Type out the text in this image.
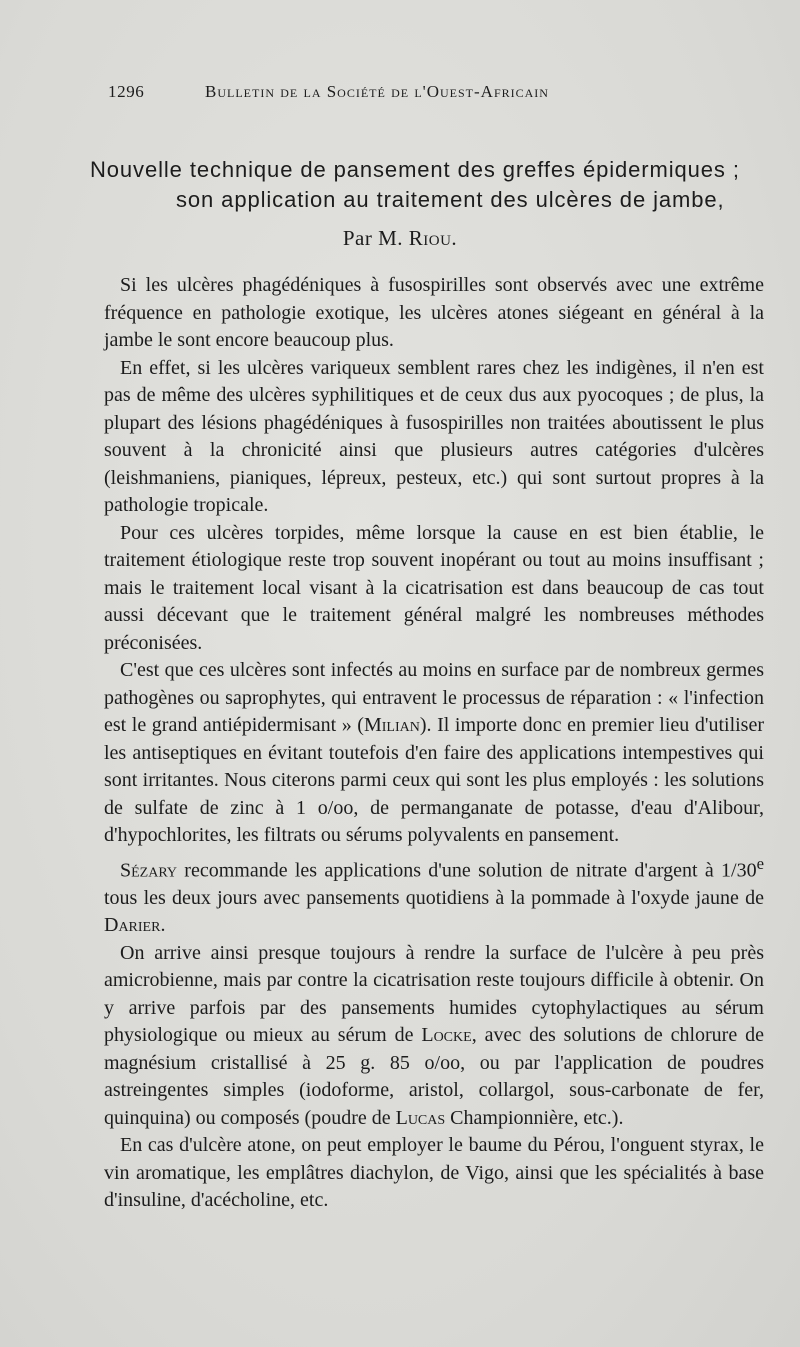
1296	Bulletin de la Société de l'Ouest-Africain
Nouvelle technique de pansement des greffes épidermiques ;
son application au traitement des ulcères de jambe,
Par M. Riou.

Si les ulcères phagédéniques à fusospirilles sont observés avec une extrême fréquence en pathologie exotique, les ulcères atones siégeant en général à la jambe le sont encore beaucoup plus.

En effet, si les ulcères variqueux semblent rares chez les indigènes, il n'en est pas de même des ulcères syphilitiques et de ceux dus aux pyocoques ; de plus, la plupart des lésions phagédéniques à fusospirilles non traitées aboutissent le plus souvent à la chronicité ainsi que plusieurs autres catégories d'ulcères (leishmaniens, pianiques, lépreux, pesteux, etc.) qui sont surtout propres à la pathologie tropicale.

Pour ces ulcères torpides, même lorsque la cause en est bien établie, le traitement étiologique reste trop souvent inopérant ou tout au moins insuffisant ; mais le traitement local visant à la cicatrisation est dans beaucoup de cas tout aussi décevant que le traitement général malgré les nombreuses méthodes préconisées.

C'est que ces ulcères sont infectés au moins en surface par de nombreux germes pathogènes ou saprophytes, qui entravent le processus de réparation : « l'infection est le grand antiépidermisant » (Milian). Il importe donc en premier lieu d'utiliser les antiseptiques en évitant toutefois d'en faire des applications intempestives qui sont irritantes. Nous citerons parmi ceux qui sont les plus employés : les solutions de sulfate de zinc à 1 o/oo, de permanganate de potasse, d'eau d'Alibour, d'hypochlorites, les filtrats ou sérums polyvalents en pansement.

Sézary recommande les applications d'une solution de nitrate d'argent à 1/30e tous les deux jours avec pansements quotidiens à la pommade à l'oxyde jaune de Darier.

On arrive ainsi presque toujours à rendre la surface de l'ulcère à peu près amicrobienne, mais par contre la cicatrisation reste toujours difficile à obtenir. On y arrive parfois par des pansements humides cytophylactiques au sérum physiologique ou mieux au sérum de Locke, avec des solutions de chlorure de magnésium cristallisé à 25 g. 85 o/oo, ou par l'application de poudres astreingentes simples (iodoforme, aristol, collargol, sous-carbonate de fer, quinquina) ou composés (poudre de Lucas Championnière, etc.).

En cas d'ulcère atone, on peut employer le baume du Pérou, l'onguent styrax, le vin aromatique, les emplâtres diachylon, de Vigo, ainsi que les spécialités à base d'insuline, d'acécholine, etc.
